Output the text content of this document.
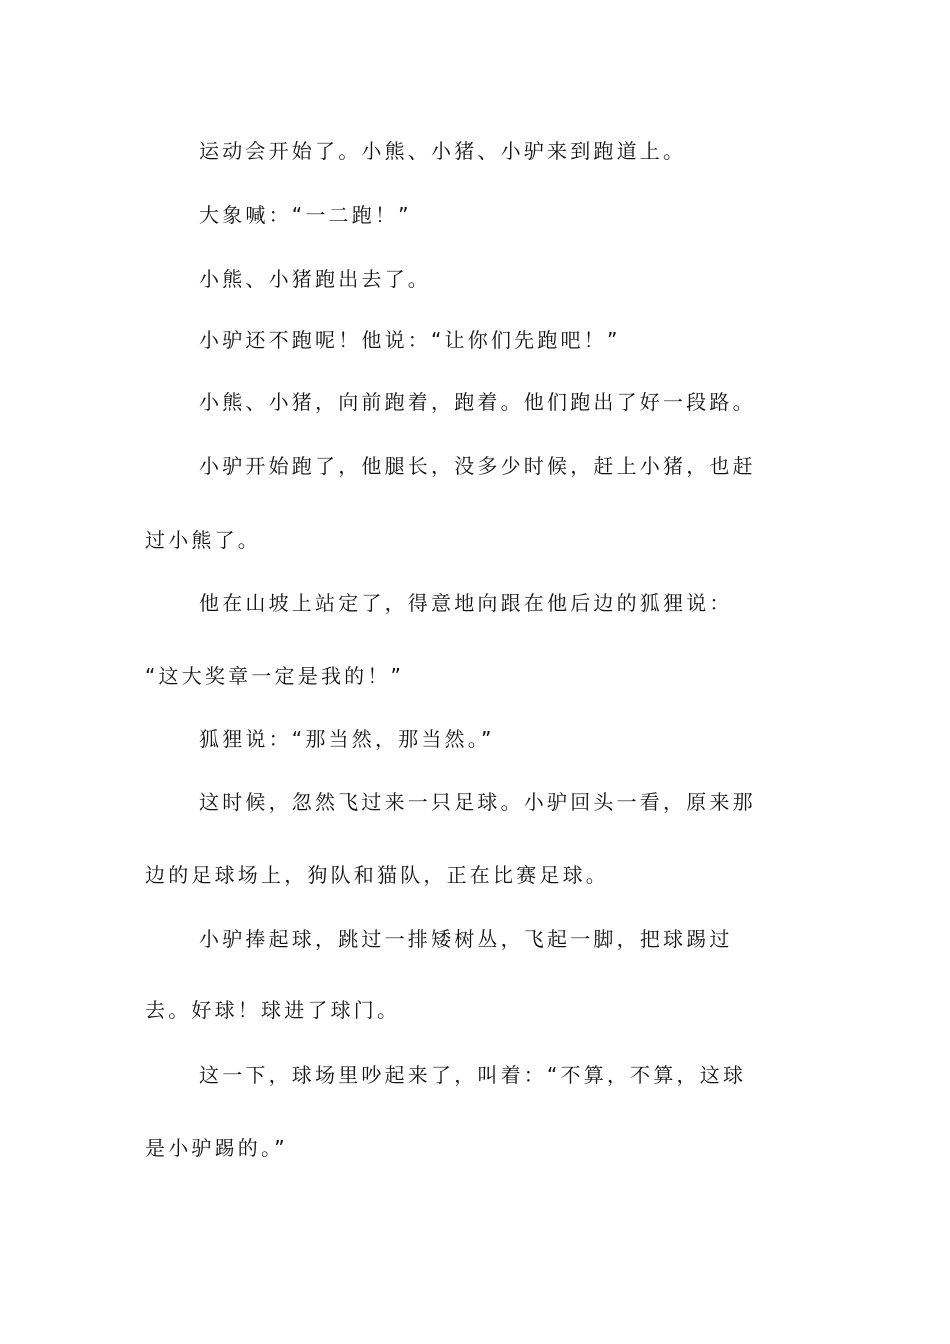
运动会开始了。小熊、小猪、小驴来到跑道上。
大象喊：“一二跑！”
小熊、小猪跑出去了。
小驴还不跑呢！他说：“让你们先跑吧！”
小熊、小猪，向前跑着，跑着。他们跑出了好一段路。
小驴开始跑了，他腿长，没多少时候，赶上小猪，也赶
过小熊了。
他在山坡上站定了，得意地向跟在他后边的狐狸说：
“这大奖章一定是我的！”
狐狸说：“那当然，那当然。”
这时候，忽然飞过来一只足球。小驴回头一看，原来那
边的足球场上，狗队和猫队，正在比赛足球。
小驴捧起球，跳过一排矮树丛，飞起一脚，把球踢过
去。好球！球进了球门。
这一下，球场里吵起来了，叫着：“不算，不算，这球
是小驴踢的。”
